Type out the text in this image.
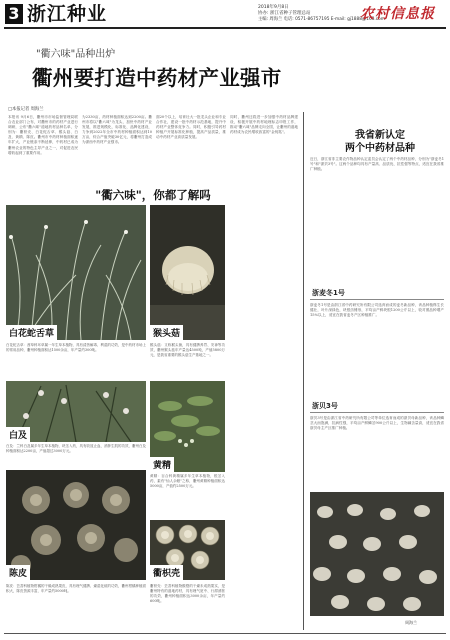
3 浙江种业	2018年9月8日
协办: 浙江省种子管理总站
主编: 周海兰 电话: 0571-86757195 E-mail: gj1888@163.com
农村信息报
"衢六味"品种出炉
衢州要打造中药材产业强市
□本报记者 周海兰
本报讯 9月6日，衢州市市场监督管理局联合农业部门公布，对衢州市的药材产业进行调研，公布"衢六味"道地药材品种名单，分别为：衢枳壳、白花蛇舌草、猴头菇、白及、黄精、陈皮。衢州市中药材种植面积逐年扩大，产业链条不断延伸，中药材已成为衢州农业的特色主导产业之一，对促进农民增收起到了重要作用。
为2330亩，药材种植面积达到2200亩。衢州市将以"衢六味"为龙头，加快中药材产业发展，推进规模化、标准化、品牌化建设，力争到2022年全市中药材种植面积达到10万亩，综合产值突破30亿元，将衢州打造成为浙西中药材产业强市。
面20个以上，培育壮大一批龙头企业和专业合作社，建设一批中药材示范基地，提升中药材产业整体竞争力。同时，积极引导药材种植户开展标准化种植，提高产品质量，推动中药材产业高质量发展。
同时，衢州还将进一步加强中药材品牌建设，积极开展中药材地理标志申报工作，推动"衢六味"品牌走向全国，让衢州的道地药材成为农民增收致富的"金钥匙"。
"衢六味"，你都了解吗
白花蛇舌草
白花蛇舌草：茜草科耳草属一年生草本植物，具有清热解毒、利湿的功效，是中药材市场上的常用品种，衢州种植面积达1500余亩，年产量约300吨。
猴头菇
猴头菇：又称猴头菌，具有健脾养胃、安神等功效，衢州猴头菇年产量达4500吨，产值5800万元，是我省重要的猴头菇生产基地之一。
白及
白及：兰科白及属多年生草本植物，块茎入药，具有收敛止血、消肿生肌的功效，衢州白及种植面积达2200亩，产值超过3000万元。
黄精
黄精：百合科黄精属多年生草本植物，根茎入药，素有"仙人余粮"之称，衢州黄精种植面积达5000亩，产值约2500万元。
陈皮
陈皮：芸香科植物柑橘的干燥成熟果皮，具有理气健脾、燥湿化痰的功效，衢州柑橘种植面积大，陈皮资源丰富，年产量约5000吨。
衢枳壳
衢枳壳：芸香科植物酸橙的干燥未成熟果实，是衢州特有的道地药材，具有理气宽中、行滞消胀的功效，衢州种植面积达3000余亩，年产量约600吨。
我省新认定
两个中药材品种
近日，浙江省非主要农作物品种认定委员会认定了两个中药材品种，分别为"浙麦冬1号"和"浙贝3号"。这两个品种均具有产量高、品质优、抗性强等特点，适宜在我省推广种植。
浙麦冬1号
浙麦冬1号是由浙江省中药研究所有限公司选育而成的麦冬新品种，该品种植株生长健壮，叶片深绿色，块根纺锤形，平均亩产鲜块根1200公斤以上，较对照品种增产15%以上，适宜在我省麦冬产区种植推广。
浙贝3号
浙贝3号是由浙江省中药研究所有限公司等单位选育而成的浙贝母新品种，该品种鳞茎大而饱满，抗病性强，平均亩产鲜鳞茎900公斤以上，生物碱含量高，适宜在我省浙贝母主产区推广种植。
周海兰
